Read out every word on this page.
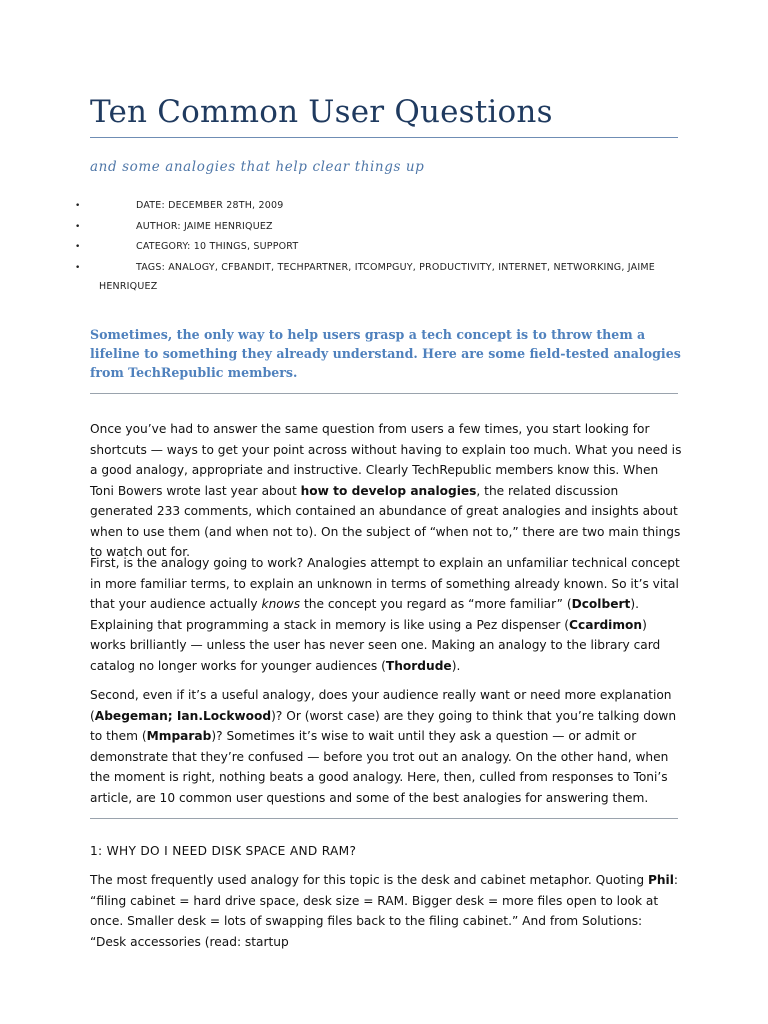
Ten Common User Questions
and some analogies that help clear things up
•	DATE: DECEMBER 28TH, 2009
•	AUTHOR: JAIME HENRIQUEZ
•	CATEGORY: 10 THINGS, SUPPORT
•	TAGS: ANALOGY, CFBANDIT, TECHPARTNER, ITCOMPGUY, PRODUCTIVITY, INTERNET, NETWORKING, JAIME
HENRIQUEZ
Sometimes, the only way to help users grasp a tech concept is to throw them a lifeline to something they already understand. Here are some field-tested analogies from TechRepublic members.
Once you’ve had to answer the same question from users a few times, you start looking for shortcuts — ways to get your point across without having to explain too much. What you need is a good analogy, appropriate and instructive. Clearly TechRepublic members know this. When Toni Bowers wrote last year about how to develop analogies, the related discussion generated 233 comments, which contained an abundance of great analogies and insights about when to use them (and when not to). On the subject of “when not to,” there are two main things to watch out for.
First, is the analogy going to work? Analogies attempt to explain an unfamiliar technical concept in more familiar terms, to explain an unknown in terms of something already known. So it’s vital that your audience actually knows the concept you regard as “more familiar” (Dcolbert). Explaining that programming a stack in memory is like using a Pez dispenser (Ccardimon) works brilliantly — unless the user has never seen one. Making an analogy to the library card catalog no longer works for younger audiences (Thordude).
Second, even if it’s a useful analogy, does your audience really want or need more explanation (Abegeman; Ian.Lockwood)? Or (worst case) are they going to think that you’re talking down to them (Mmparab)? Sometimes it’s wise to wait until they ask a question — or admit or demonstrate that they’re confused — before you trot out an analogy. On the other hand, when the moment is right, nothing beats a good analogy. Here, then, culled from responses to Toni’s article, are 10 common user questions and some of the best analogies for answering them.
1: WHY DO I NEED DISK SPACE AND RAM?
The most frequently used analogy for this topic is the desk and cabinet metaphor. Quoting Phil: “filing cabinet = hard drive space, desk size = RAM. Bigger desk = more files open to look at once. Smaller desk = lots of swapping files back to the filing cabinet.” And from Solutions: “Desk accessories (read: startup
